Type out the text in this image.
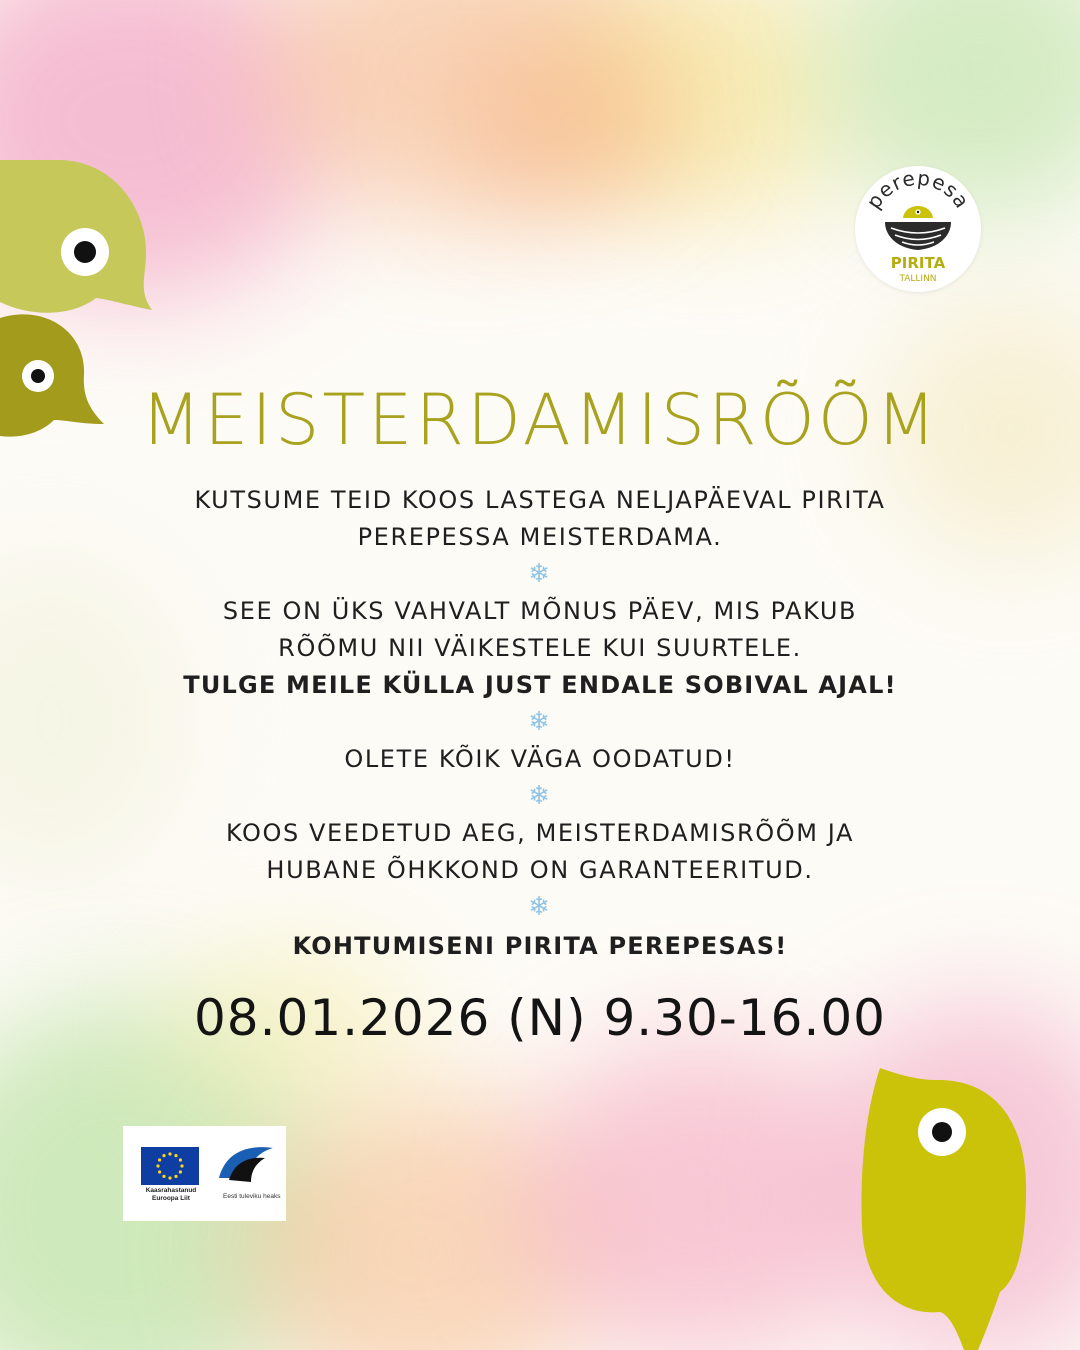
perepesa
PIRITA
TALLINN
MEISTERDAMISRÕÕM

KUTSUME TEID KOOS LASTEGA NELJAPÄEVAL PIRITA

PEREPESSA MEISTERDAMA.

❄

SEE ON ÜKS VAHVALT MÕNUS PÄEV, MIS PAKUB

RÕÕMU NII VÄIKESTELE KUI SUURTELE.

TULGE MEILE KÜLLA JUST ENDALE SOBIVAL AJAL!

❄

OLETE KÕIK VÄGA OODATUD!

❄

KOOS VEEDETUD AEG, MEISTERDAMISRÕÕM JA

HUBANE ÕHKKOND ON GARANTEERITUD.

❄

KOHTUMISENI PIRITA PEREPESAS!

08.01.2026 (N) 9.30-16.00
Kaasrahastanud Euroopa Liit	Eesti tuleviku heaks
